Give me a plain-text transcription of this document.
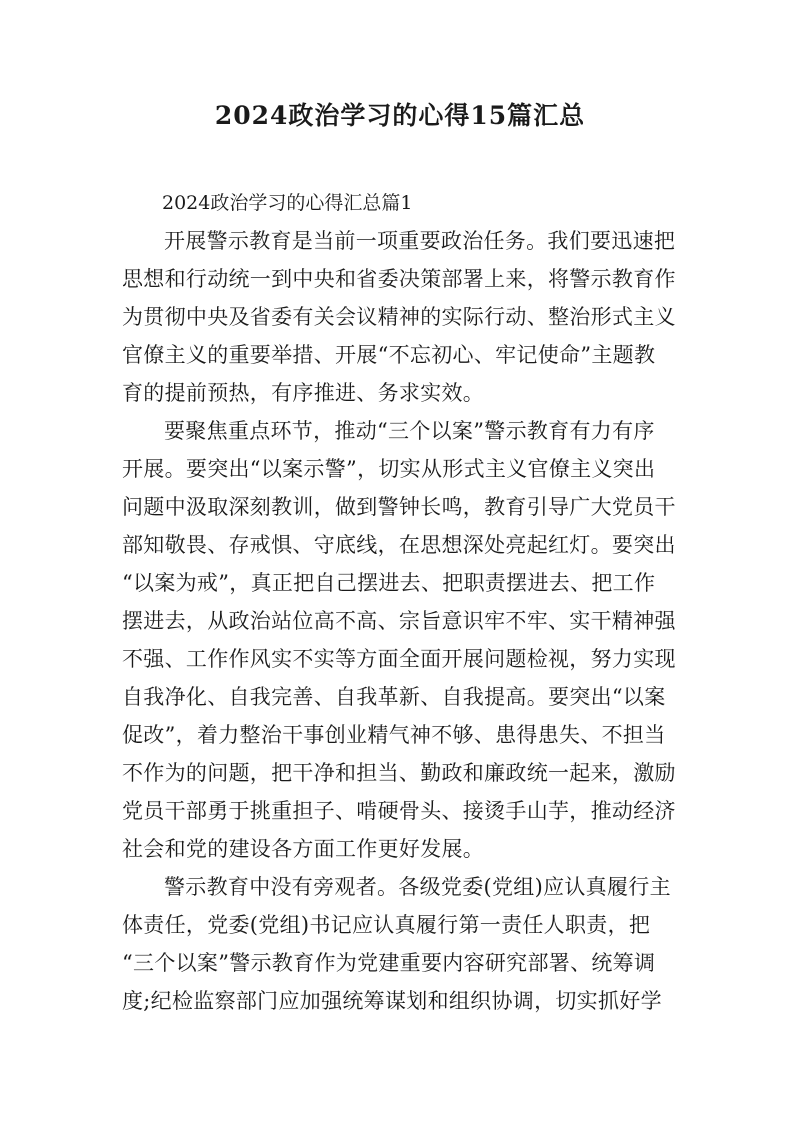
2024政治学习的心得15篇汇总
2024政治学习的心得汇总篇1
开展警示教育是当前一项重要政治任务。我们要迅速把
思想和行动统一到中央和省委决策部署上来，将警示教育作
为贯彻中央及省委有关会议精神的实际行动、整治形式主义
官僚主义的重要举措、开展“不忘初心、牢记使命”主题教
育的提前预热，有序推进、务求实效。
要聚焦重点环节，推动“三个以案”警示教育有力有序
开展。要突出“以案示警”，切实从形式主义官僚主义突出
问题中汲取深刻教训，做到警钟长鸣，教育引导广大党员干
部知敬畏、存戒惧、守底线，在思想深处亮起红灯。要突出
“以案为戒”，真正把自己摆进去、把职责摆进去、把工作
摆进去，从政治站位高不高、宗旨意识牢不牢、实干精神强
不强、工作作风实不实等方面全面开展问题检视，努力实现
自我净化、自我完善、自我革新、自我提高。要突出“以案
促改”，着力整治干事创业精气神不够、患得患失、不担当
不作为的问题，把干净和担当、勤政和廉政统一起来，激励
党员干部勇于挑重担子、啃硬骨头、接烫手山芋，推动经济
社会和党的建设各方面工作更好发展。
警示教育中没有旁观者。各级党委(党组)应认真履行主
体责任，党委(党组)书记应认真履行第一责任人职责，把
“三个以案”警示教育作为党建重要内容研究部署、统筹调
度;纪检监察部门应加强统筹谋划和组织协调，切实抓好学
